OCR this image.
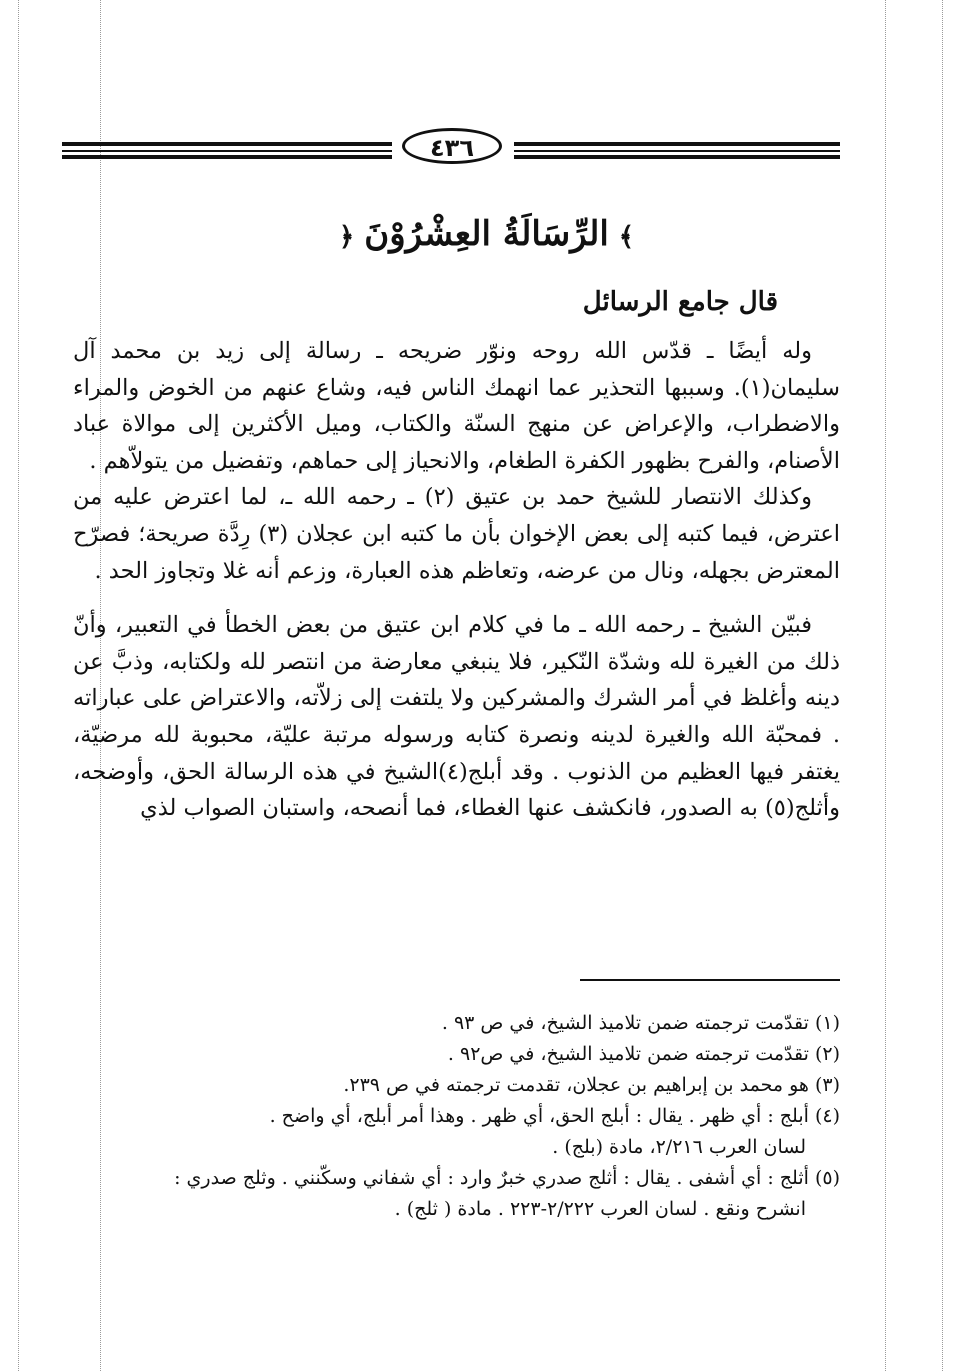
٤٣٦
﴿ الرِّسَالَةُ العِشْرُوْنَ ﴾
قال جامع الرسائل

وله أيضًا ـ قدّس الله روحه ونوّر ضريحه ـ رسالة إلى زيد بن محمد آل سليمان(١). وسببها التحذير عما انهمك الناس فيه، وشاع عنهم من الخوض والمراء والاضطراب، والإعراض عن منهج السنّة والكتاب، وميل الأكثرين إلى موالاة عباد الأصنام، والفرح بظهور الكفرة الطغام، والانحياز إلى حماهم، وتفضيل من يتولاّهم .

وكذلك الانتصار للشيخ حمد بن عتيق (٢) ـ رحمه الله ـ، لما اعترض عليه من اعترض، فيما كتبه إلى بعض الإخوان بأن ما كتبه ابن عجلان (٣) رِدَّة صريحة؛ فصرّح المعترض بجهله، ونال من عرضه، وتعاظم هذه العبارة، وزعم أنه غلا وتجاوز الحد .

فبيّن الشيخ ـ رحمه الله ـ ما في كلام ابن عتيق من بعض الخطأ في التعبير، وأنّ ذلك من الغيرة لله وشدّة النّكير، فلا ينبغي معارضة من انتصر لله ولكتابه، وذبَّ عن دينه وأغلظ في أمر الشرك والمشركين ولا يلتفت إلى زلاّته، والاعتراض على عباراته . فمحبّة الله والغيرة لدينه ونصرة كتابه ورسوله مرتبة عليّة، محبوبة لله مرضيّة، يغتفر فيها العظيم من الذنوب . وقد أبلج(٤)الشيخ في هذه الرسالة الحق، وأوضحه، وأثلج(٥) به الصدور، فانكشف عنها الغطاء، فما أنصحه، واستبان الصواب لذي

(١) تقدّمت ترجمته ضمن تلاميذ الشيخ، في ص ٩٣ .

(٢) تقدّمت ترجمته ضمن تلاميذ الشيخ، في ص٩٢ .

(٣) هو محمد بن إبراهيم بن عجلان، تقدمت ترجمته في ص ٢٣٩.

(٤) أبلج : أي ظهر . يقال : أبلج الحق، أي ظهر . وهذا أمر أبلج، أي واضح .

لسان العرب ٢/٢١٦، مادة (بلج) .

(٥) أثلج : أي أشفى . يقال : أثلج صدري خبرٌ وارد : أي شفاني وسكّنني . وثلج صدري :

انشرح ونقع . لسان العرب ٢/٢٢٢-٢٢٣ . مادة ( ثلج) .
